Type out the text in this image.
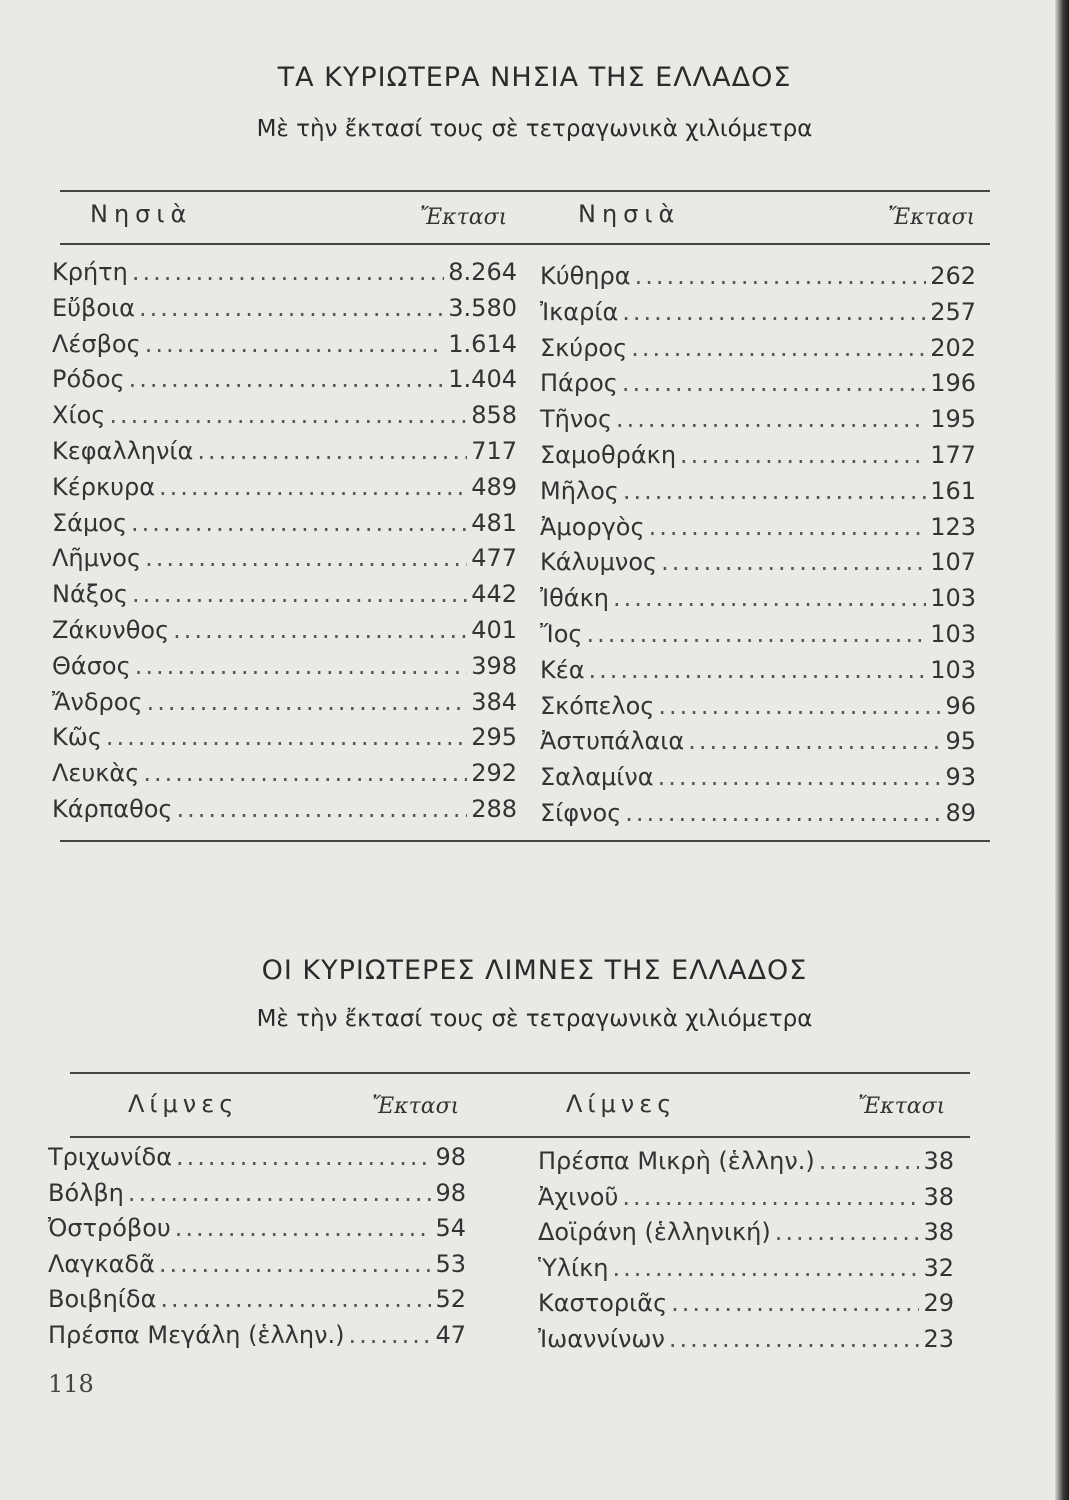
ΤΑ ΚΥΡΙΩΤΕΡΑ ΝΗΣΙΑ ΤΗΣ ΕΛΛΑΔΟΣ
Μὲ τὴν ἔκτασί τους σὲ τετραγωνικὰ χιλιόμετρα
Νησιὰ	Ἔκτασι	Νησιὰ	Ἔκτασι
Κρήτη .....	8.264
Εὔβοια .....	3.580
Λέσβος .....	1.614
Ρόδος .....	1.404
Χίος .....	858
Κεφαλληνία .....	717
Κέρκυρα .....	489
Σάμος .....	481
Λῆμνος .....	477
Νάξος .....	442
Ζάκυνθος .....	401
Θάσος .....	398
Ἄνδρος .....	384
Κῶς .....	295
Λευκὰς .....	292
Κάρπαθος .....	288
Κύθηρα .....	262
Ἰκαρία .....	257
Σκύρος .....	202
Πάρος .....	196
Τῆνος .....	195
Σαμοθράκη .....	177
Μῆλος .....	161
Ἀμοργὸς .....	123
Κάλυμνος .....	107
Ἰθάκη .....	103
Ἴος .....	103
Κέα .....	103
Σκόπελος .....	96
Ἀστυπάλαια .....	95
Σαλαμίνα .....	93
Σίφνος .....	89
ΟΙ ΚΥΡΙΩΤΕΡΕΣ ΛΙΜΝΕΣ ΤΗΣ ΕΛΛΑΔΟΣ
Μὲ τὴν ἔκτασί τους σὲ τετραγωνικὰ χιλιόμετρα
Λίμνες	Ἔκτασι	Λίμνες	Ἔκτασι
Τριχωνίδα .....	98
Βόλβη .....	98
Ὀστρόβου .....	54
Λαγκαδᾶ .....	53
Βοιβηίδα .....	52
Πρέσπα Μεγάλη (ἑλλην.) .....	47
Πρέσπα Μικρὴ (ἑλλην.) .....	38
Ἀχινοῦ .....	38
Δοϊράνη (ἑλληνική) .....	38
Ὑλίκη .....	32
Καστοριᾶς .....	29
Ἰωαννίνων .....	23
118
